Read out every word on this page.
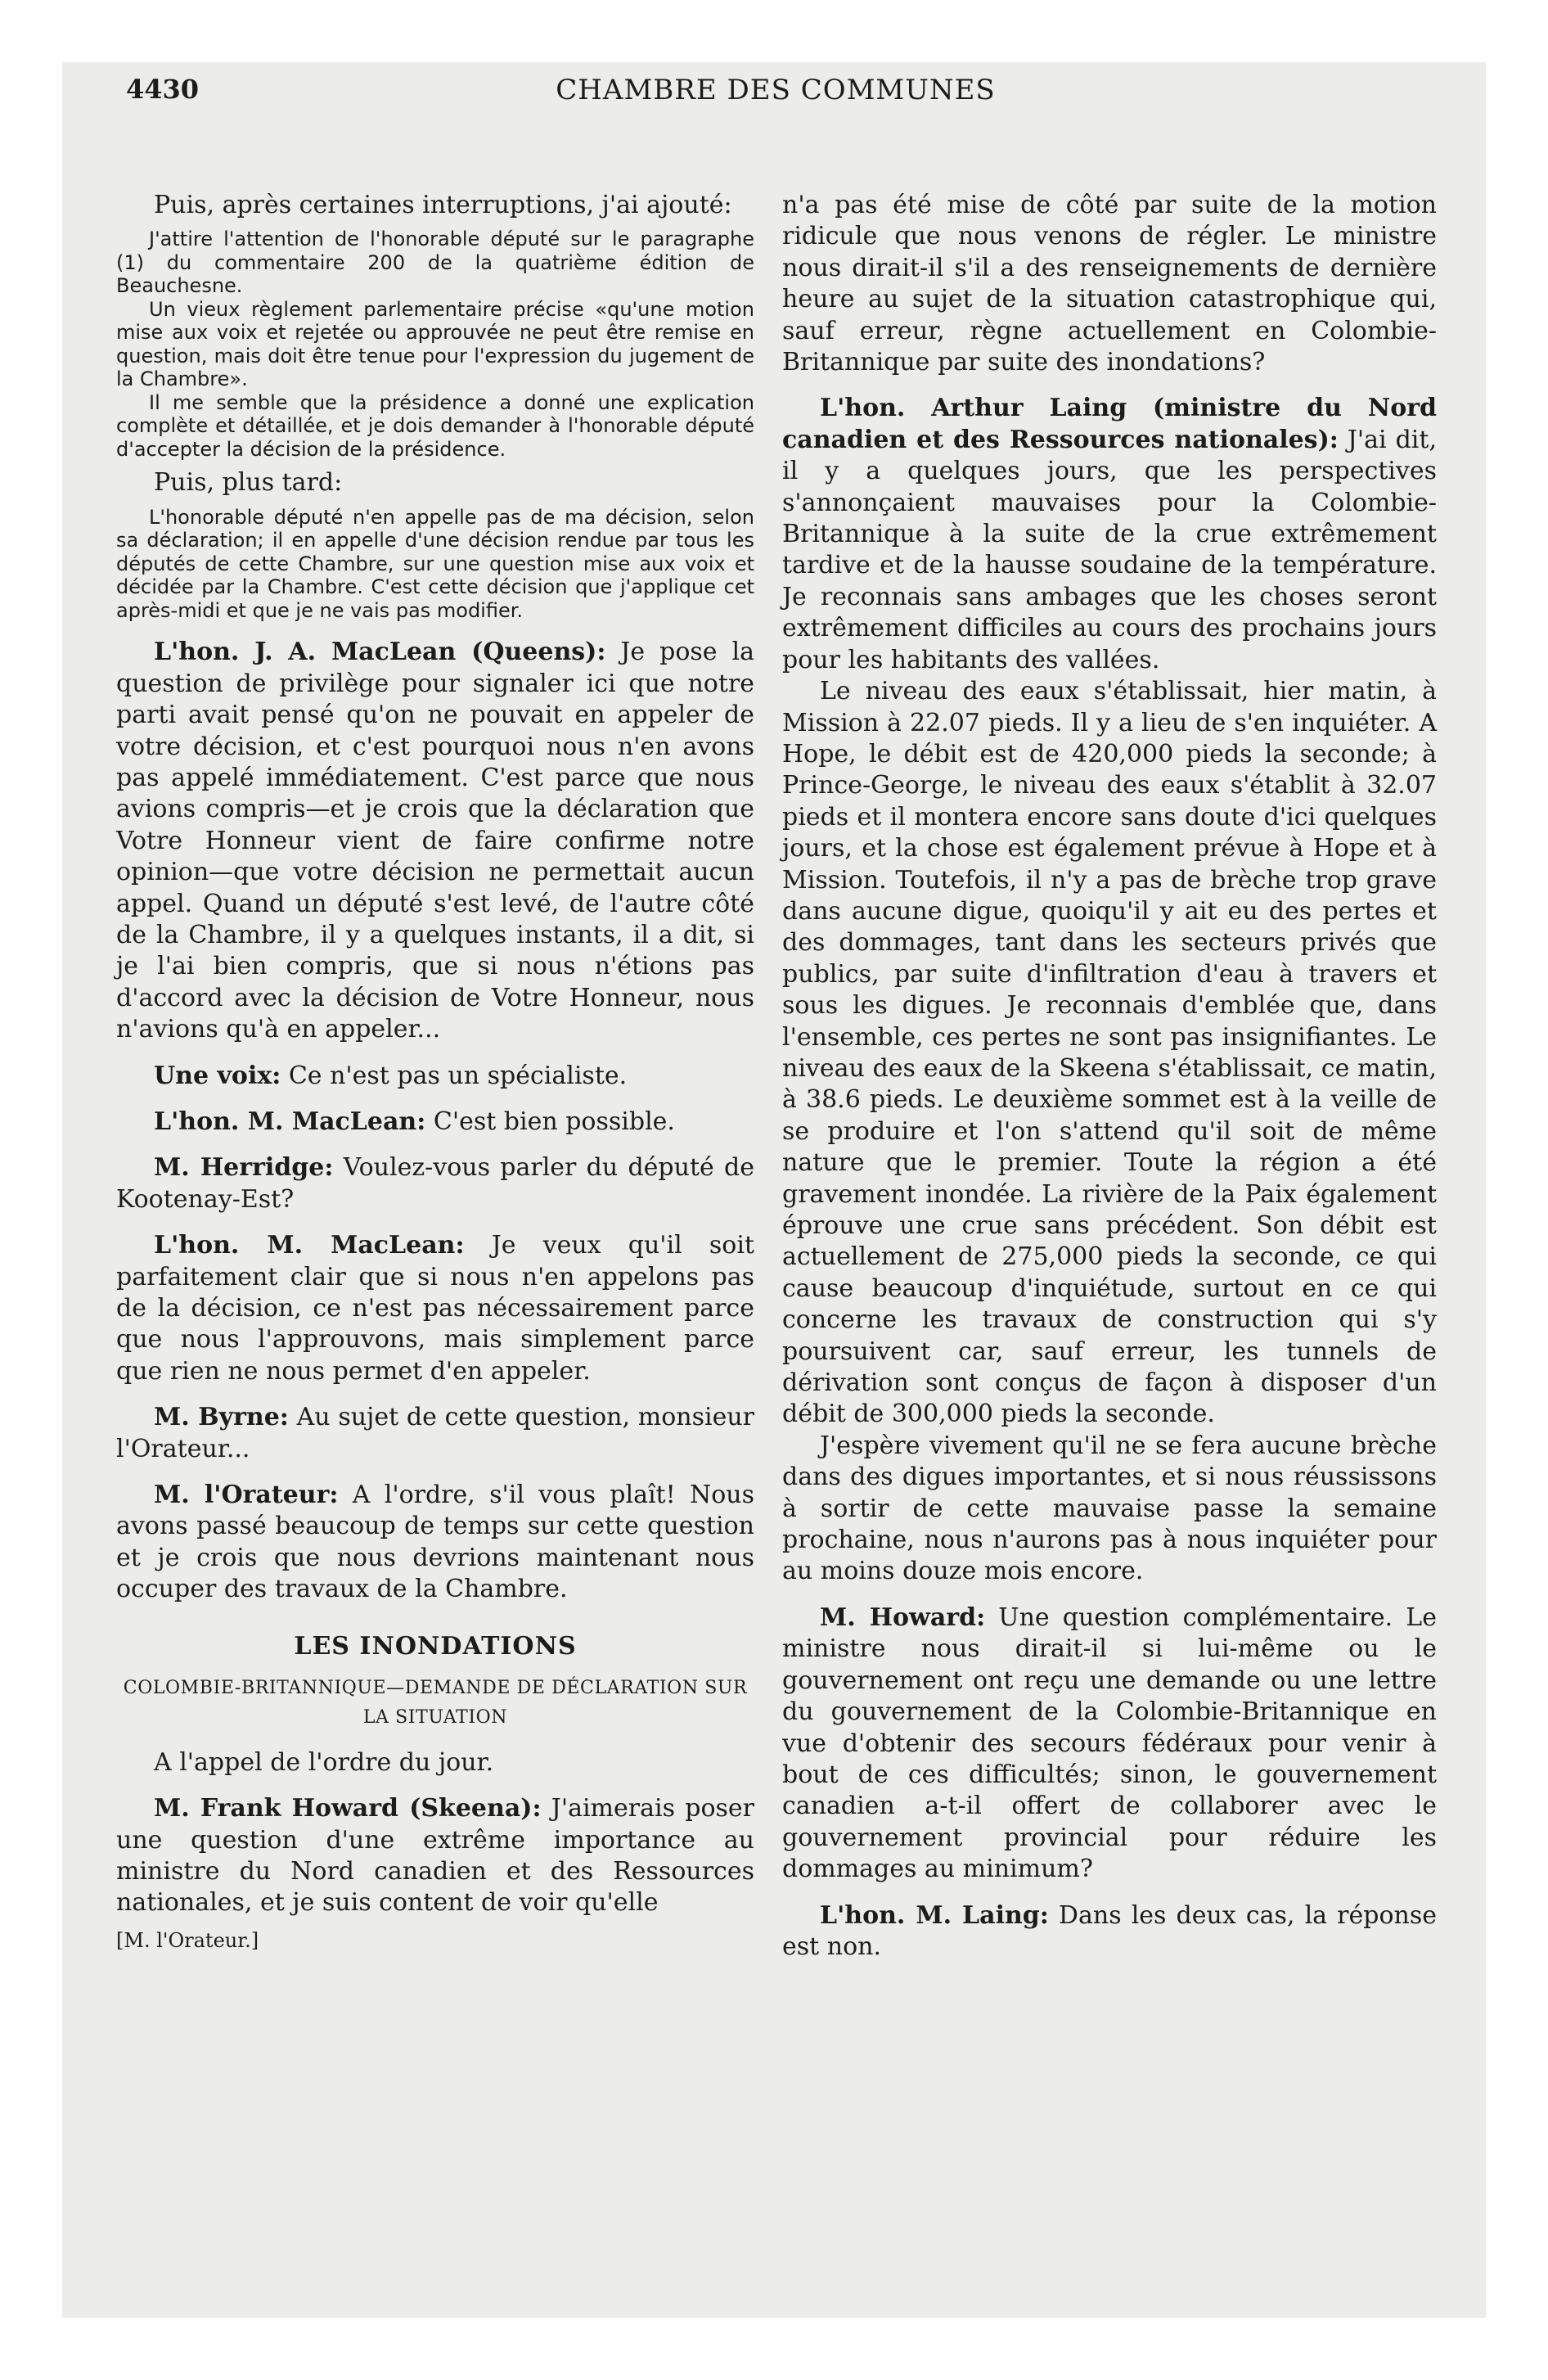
CHAMBRE DES COMMUNES
4430

Puis, après certaines interruptions, j'ai ajouté:

J'attire l'attention de l'honorable député sur le paragraphe (1) du commentaire 200 de la quatrième édition de Beauchesne.

Un vieux règlement parlementaire précise «qu'une motion mise aux voix et rejetée ou approuvée ne peut être remise en question, mais doit être tenue pour l'expression du jugement de la Chambre».

Il me semble que la présidence a donné une explication complète et détaillée, et je dois demander à l'honorable député d'accepter la décision de la présidence.

Puis, plus tard:

L'honorable député n'en appelle pas de ma décision, selon sa déclaration; il en appelle d'une décision rendue par tous les députés de cette Chambre, sur une question mise aux voix et décidée par la Chambre. C'est cette décision que j'applique cet après-midi et que je ne vais pas modifier.

L'hon. J. A. MacLean (Queens): Je pose la question de privilège pour signaler ici que notre parti avait pensé qu'on ne pouvait en appeler de votre décision, et c'est pourquoi nous n'en avons pas appelé immédiatement. C'est parce que nous avions compris—et je crois que la déclaration que Votre Honneur vient de faire confirme notre opinion—que votre décision ne permettait aucun appel. Quand un député s'est levé, de l'autre côté de la Chambre, il y a quelques instants, il a dit, si je l'ai bien compris, que si nous n'étions pas d'accord avec la décision de Votre Honneur, nous n'avions qu'à en appeler...

Une voix: Ce n'est pas un spécialiste.

L'hon. M. MacLean: C'est bien possible.

M. Herridge: Voulez-vous parler du député de Kootenay-Est?

L'hon. M. MacLean: Je veux qu'il soit parfaitement clair que si nous n'en appelons pas de la décision, ce n'est pas nécessairement parce que nous l'approuvons, mais simplement parce que rien ne nous permet d'en appeler.

M. Byrne: Au sujet de cette question, monsieur l'Orateur...

M. l'Orateur: A l'ordre, s'il vous plaît! Nous avons passé beaucoup de temps sur cette question et je crois que nous devrions maintenant nous occuper des travaux de la Chambre.

LES INONDATIONS
COLOMBIE-BRITANNIQUE—DEMANDE DE DÉCLARATION SUR LA SITUATION

A l'appel de l'ordre du jour.

M. Frank Howard (Skeena): J'aimerais poser une question d'une extrême importance au ministre du Nord canadien et des Ressources nationales, et je suis content de voir qu'elle

[M. l'Orateur.]

n'a pas été mise de côté par suite de la motion ridicule que nous venons de régler. Le ministre nous dirait-il s'il a des renseignements de dernière heure au sujet de la situation catastrophique qui, sauf erreur, règne actuellement en Colombie-Britannique par suite des inondations?

L'hon. Arthur Laing (ministre du Nord canadien et des Ressources nationales): J'ai dit, il y a quelques jours, que les perspectives s'annonçaient mauvaises pour la Colombie-Britannique à la suite de la crue extrêmement tardive et de la hausse soudaine de la température. Je reconnais sans ambages que les choses seront extrêmement difficiles au cours des prochains jours pour les habitants des vallées.

Le niveau des eaux s'établissait, hier matin, à Mission à 22.07 pieds. Il y a lieu de s'en inquiéter. A Hope, le débit est de 420,000 pieds la seconde; à Prince-George, le niveau des eaux s'établit à 32.07 pieds et il montera encore sans doute d'ici quelques jours, et la chose est également prévue à Hope et à Mission. Toutefois, il n'y a pas de brèche trop grave dans aucune digue, quoiqu'il y ait eu des pertes et des dommages, tant dans les secteurs privés que publics, par suite d'infiltration d'eau à travers et sous les digues. Je reconnais d'emblée que, dans l'ensemble, ces pertes ne sont pas insignifiantes. Le niveau des eaux de la Skeena s'établissait, ce matin, à 38.6 pieds. Le deuxième sommet est à la veille de se produire et l'on s'attend qu'il soit de même nature que le premier. Toute la région a été gravement inondée. La rivière de la Paix également éprouve une crue sans précédent. Son débit est actuellement de 275,000 pieds la seconde, ce qui cause beaucoup d'inquiétude, surtout en ce qui concerne les travaux de construction qui s'y poursuivent car, sauf erreur, les tunnels de dérivation sont conçus de façon à disposer d'un débit de 300,000 pieds la seconde.

J'espère vivement qu'il ne se fera aucune brèche dans des digues importantes, et si nous réussissons à sortir de cette mauvaise passe la semaine prochaine, nous n'aurons pas à nous inquiéter pour au moins douze mois encore.

M. Howard: Une question complémentaire. Le ministre nous dirait-il si lui-même ou le gouvernement ont reçu une demande ou une lettre du gouvernement de la Colombie-Britannique en vue d'obtenir des secours fédéraux pour venir à bout de ces difficultés; sinon, le gouvernement canadien a-t-il offert de collaborer avec le gouvernement provincial pour réduire les dommages au minimum?

L'hon. M. Laing: Dans les deux cas, la réponse est non.
